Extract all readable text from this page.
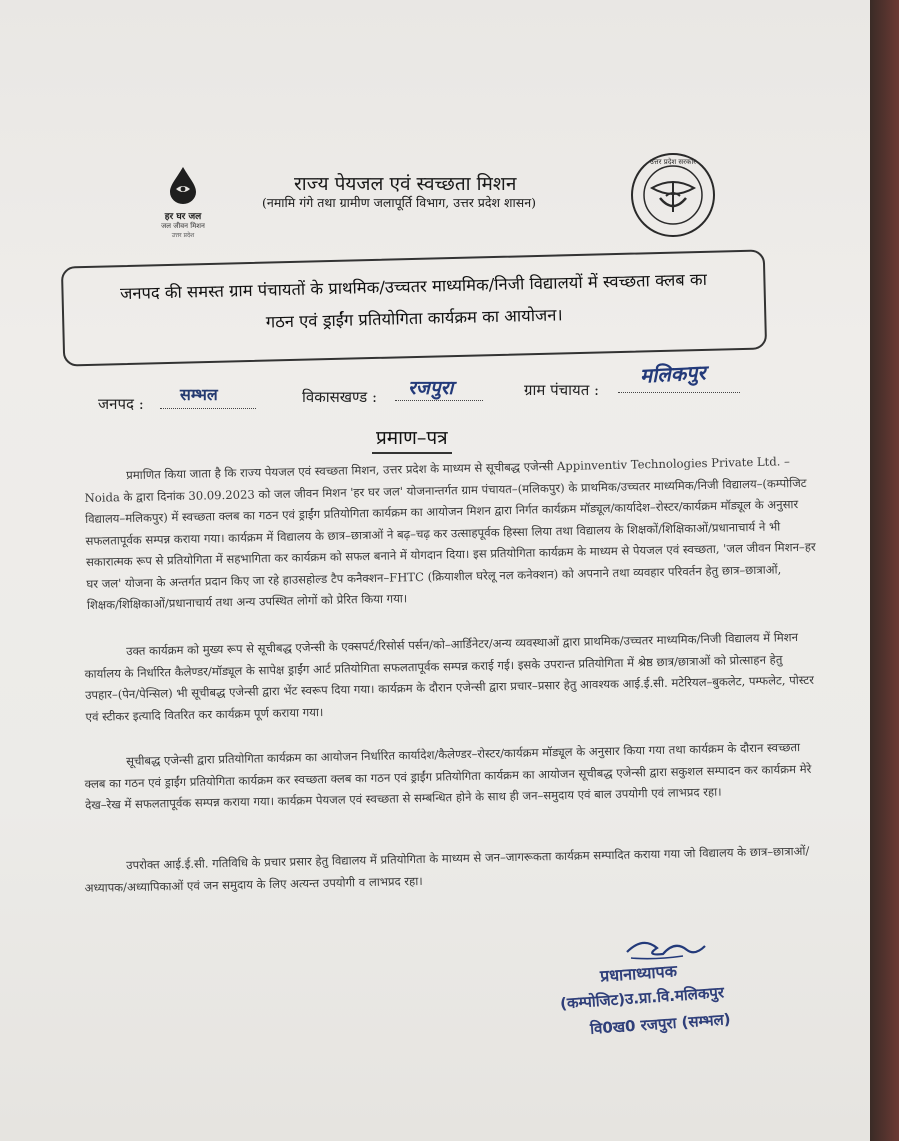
हर घर जल
जल जीवन मिशन
उत्तर प्रदेश
राज्य पेयजल एवं स्वच्छता मिशन
(नमामि गंगे तथा ग्रामीण जलापूर्ति विभाग, उत्तर प्रदेश शासन)
उत्तर प्रदेश सरकार
जनपद की समस्त ग्राम पंचायतों के प्राथमिक/उच्चतर माध्यमिक/निजी विद्यालयों में स्वच्छता क्लब का
गठन एवं ड्राईंग प्रतियोगिता कार्यक्रम का आयोजन।
जनपद : सम्भल	विकासखण्ड : रजपुरा	ग्राम पंचायत :
मलिकपुर
प्रमाण–पत्र
प्रमाणित किया जाता है कि राज्य पेयजल एवं स्वच्छता मिशन, उत्तर प्रदेश के माध्यम से सूचीबद्ध एजेन्सी Appinventiv Technologies Private Ltd. – Noida के द्वारा दिनांक 30.09.2023 को जल जीवन मिशन 'हर घर जल' योजनान्तर्गत ग्राम पंचायत–(मलिकपुर) के प्राथमिक/उच्चतर माध्यमिक/निजी विद्यालय–(कम्पोजिट विद्यालय–मलिकपुर) में स्वच्छता क्लब का गठन एवं ड्राईंग प्रतियोगिता कार्यक्रम का आयोजन मिशन द्वारा निर्गत कार्यक्रम मॉड्यूल/कार्यादेश–रोस्टर/कार्यक्रम मॉड्यूल के अनुसार सफलतापूर्वक सम्पन्न कराया गया। कार्यक्रम में विद्यालय के छात्र–छात्राओं ने बढ़–चढ़ कर उत्साहपूर्वक हिस्सा लिया तथा विद्यालय के शिक्षकों/शिक्षिकाओं/प्रधानाचार्य ने भी सकारात्मक रूप से प्रतियोगिता में सहभागिता कर कार्यक्रम को सफल बनाने में योगदान दिया। इस प्रतियोगिता कार्यक्रम के माध्यम से पेयजल एवं स्वच्छता, 'जल जीवन मिशन–हर घर जल' योजना के अन्तर्गत प्रदान किए जा रहे हाउसहोल्ड टैप कनैक्शन–FHTC (क्रियाशील घरेलू नल कनेक्शन) को अपनाने तथा व्यवहार परिवर्तन हेतु छात्र–छात्राओं, शिक्षक/शिक्षिकाओं/प्रधानाचार्य तथा अन्य उपस्थित लोगों को प्रेरित किया गया।
उक्त कार्यक्रम को मुख्य रूप से सूचीबद्ध एजेन्सी के एक्सपर्ट/रिसोर्स पर्सन/को–आर्डिनेटर/अन्य व्यवस्थाओं द्वारा प्राथमिक/उच्चतर माध्यमिक/निजी विद्यालय में मिशन कार्यालय के निर्धारित कैलेण्डर/मॉड्यूल के सापेक्ष ड्राईंग आर्ट प्रतियोगिता सफलतापूर्वक सम्पन्न कराई गई। इसके उपरान्त प्रतियोगिता में श्रेष्ठ छात्र/छात्राओं को प्रोत्साहन हेतु उपहार–(पेन/पेन्सिल) भी सूचीबद्ध एजेन्सी द्वारा भेंट स्वरूप दिया गया। कार्यक्रम के दौरान एजेन्सी द्वारा प्रचार–प्रसार हेतु आवश्यक आई.ई.सी. मटेरियल–बुकलेट, पम्फलेट, पोस्टर एवं स्टीकर इत्यादि वितरित कर कार्यक्रम पूर्ण कराया गया।
सूचीबद्ध एजेन्सी द्वारा प्रतियोगिता कार्यक्रम का आयोजन निर्धारित कार्यादेश/कैलेण्डर–रोस्टर/कार्यक्रम मॉड्यूल के अनुसार किया गया तथा कार्यक्रम के दौरान स्वच्छता क्लब का गठन एवं ड्राईंग प्रतियोगिता कार्यक्रम कर स्वच्छता क्लब का गठन एवं ड्राईंग प्रतियोगिता कार्यक्रम का आयोजन सूचीबद्ध एजेन्सी द्वारा सकुशल सम्पादन कर कार्यक्रम मेरे देख–रेख में सफलतापूर्वक सम्पन्न कराया गया। कार्यक्रम पेयजल एवं स्वच्छता से सम्बन्धित होने के साथ ही जन–समुदाय एवं बाल उपयोगी एवं लाभप्रद रहा।
उपरोक्त आई.ई.सी. गतिविधि के प्रचार प्रसार हेतु विद्यालय में प्रतियोगिता के माध्यम से जन–जागरूकता कार्यक्रम सम्पादित कराया गया जो विद्यालय के छात्र–छात्राओं/अध्यापक/अध्यापिकाओं एवं जन समुदाय के लिए अत्यन्त उपयोगी व लाभप्रद रहा।
प्रधानाध्यापक
(कम्पोजिट)उ.प्रा.वि.मलिकपुर
वि0ख0 रजपुरा (सम्भल)
